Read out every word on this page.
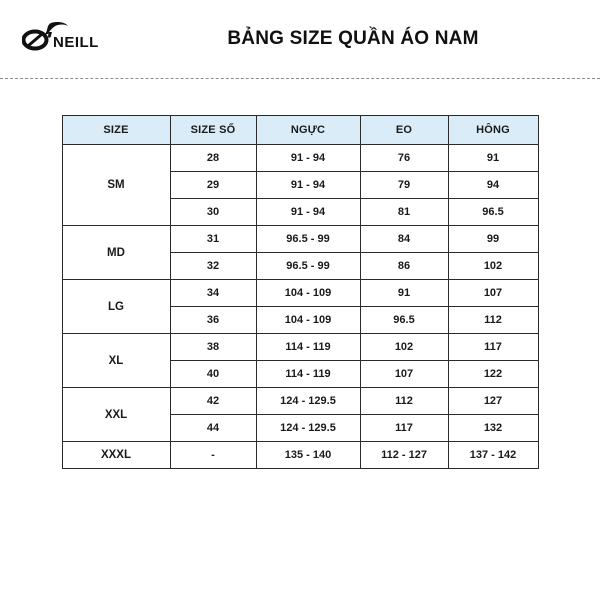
NEILL	BẢNG SIZE QUẦN ÁO NAM
SIZE	SIZE SỐ	NGỰC	EO	HÔNG
SM	28	91 - 94	76	91
	29	91 - 94	79	94
	30	91 - 94	81	96.5
MD	31	96.5 - 99	84	99
	32	96.5 - 99	86	102
LG	34	104 - 109	91	107
	36	104 - 109	96.5	112
XL	38	114 - 119	102	117
	40	114 - 119	107	122
XXL	42	124 - 129.5	112	127
	44	124 - 129.5	117	132
XXXL	-	135 - 140	112 - 127	137 - 142
